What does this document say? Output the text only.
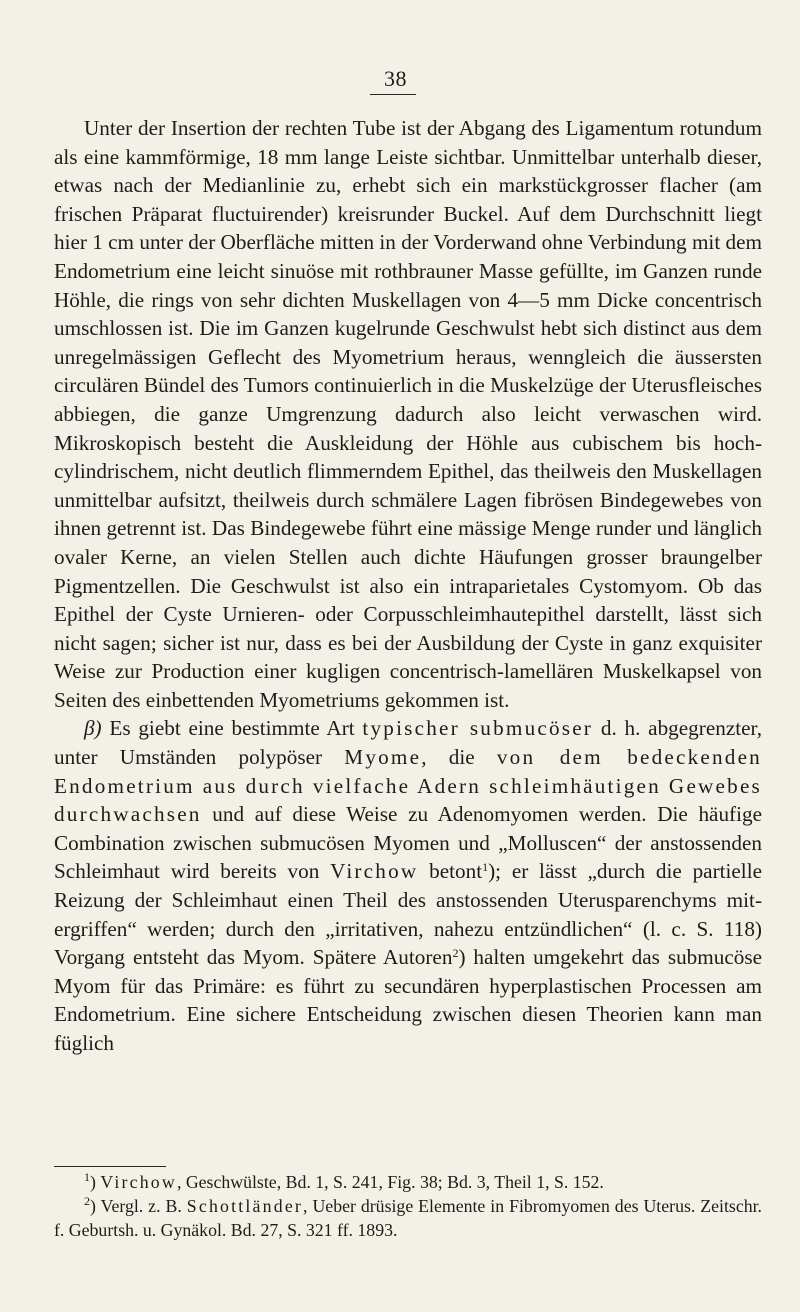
38

Unter der Insertion der rechten Tube ist der Abgang des Ligamentum rotundum als eine kammförmige, 18 mm lange Leiste sichtbar. Unmittelbar unterhalb dieser, etwas nach der Medianlinie zu, erhebt sich ein markstückgrosser flacher (am frischen Präparat fluctuirender) kreisrunder Buckel. Auf dem Durchschnitt liegt hier 1 cm unter der Oberfläche mitten in der Vorderwand ohne Verbindung mit dem Endometrium eine leicht sinuöse mit rothbrauner Masse gefüllte, im Ganzen runde Höhle, die rings von sehr dichten Muskellagen von 4—5 mm Dicke concentrisch umschlossen ist. Die im Ganzen kugelrunde Geschwulst hebt sich distinct aus dem unregelmässigen Geflecht des Myometrium heraus, wenngleich die äussersten circulären Bündel des Tumors continuierlich in die Muskelzüge der Uterusfleisches abbiegen, die ganze Umgrenzung dadurch also leicht verwaschen wird. Mikroskopisch besteht die Auskleidung der Höhle aus cubischem bis hochcylindrischem, nicht deutlich flimmerndem Epithel, das theilweis den Muskellagen unmittelbar aufsitzt, theilweis durch schmälere Lagen fibrösen Bindegewebes von ihnen getrennt ist. Das Bindegewebe führt eine mässige Menge runder und länglich ovaler Kerne, an vielen Stellen auch dichte Häufungen grosser braungelber Pigmentzellen. Die Geschwulst ist also ein intraparietales Cystomyom. Ob das Epithel der Cyste Urnieren- oder Corpusschleimhautepithel darstellt, lässt sich nicht sagen; sicher ist nur, dass es bei der Ausbildung der Cyste in ganz exquisiter Weise zur Production einer kugligen concentrisch-lamellären Muskelkapsel von Seiten des einbettenden Myometriums gekommen ist.

β) Es giebt eine bestimmte Art typischer submucöser d. h. abgegrenzter, unter Umständen polypöser Myome, die von dem bedeckenden Endometrium aus durch vielfache Adern schleimhäutigen Gewebes durchwachsen und auf diese Weise zu Adenomyomen werden. Die häufige Combination zwischen submucösen Myomen und „Molluscen“ der anstossenden Schleimhaut wird bereits von Virchow betont$^1$); er lässt „durch die partielle Reizung der Schleimhaut einen Theil des anstossenden Uterusparenchyms mitergriffen“ werden; durch den „irritativen, nahezu entzündlichen“ (l. c. S. 118) Vorgang entsteht das Myom. Spätere Autoren$^2$) halten umgekehrt das submucöse Myom für das Primäre: es führt zu secundären hyperplastischen Processen am Endometrium. Eine sichere Entscheidung zwischen diesen Theorien kann man füglich

$^1$) Virchow, Geschwülste, Bd. 1, S. 241, Fig. 38; Bd. 3, Theil 1, S. 152.

$^2$) Vergl. z. B. Schottländer, Ueber drüsige Elemente in Fibromyomen des Uterus. Zeitschr. f. Geburtsh. u. Gynäkol. Bd. 27, S. 321 ff. 1893.
